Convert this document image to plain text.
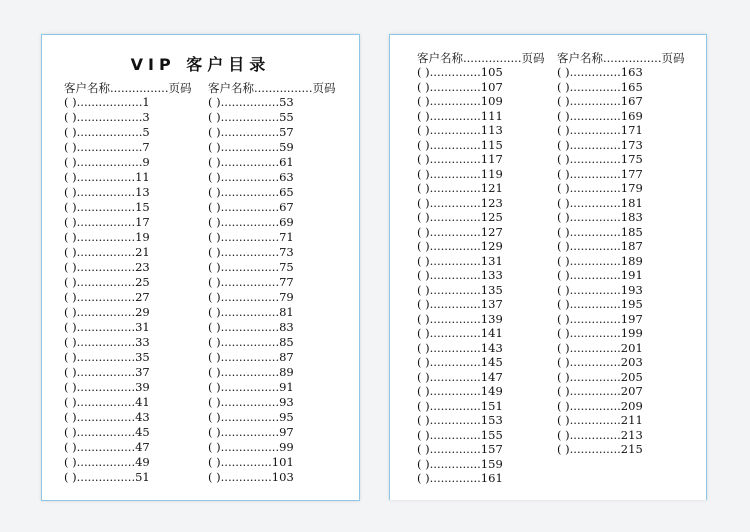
VIP 客户目录
客户名称................页码
( )..................1
( )..................3
( )..................5
( )..................7
( )..................9
( )................11
( )................13
( )................15
( )................17
( )................19
( )................21
( )................23
( )................25
( )................27
( )................29
( )................31
( )................33
( )................35
( )................37
( )................39
( )................41
( )................43
( )................45
( )................47
( )................49
( )................51
客户名称................页码
( )................53
( )................55
( )................57
( )................59
( )................61
( )................63
( )................65
( )................67
( )................69
( )................71
( )................73
( )................75
( )................77
( )................79
( )................81
( )................83
( )................85
( )................87
( )................89
( )................91
( )................93
( )................95
( )................97
( )................99
( )..............101
( )..............103
客户名称................页码
( )..............105
( )..............107
( )..............109
( )..............111
( )..............113
( )..............115
( )..............117
( )..............119
( )..............121
( )..............123
( )..............125
( )..............127
( )..............129
( )..............131
( )..............133
( )..............135
( )..............137
( )..............139
( )..............141
( )..............143
( )..............145
( )..............147
( )..............149
( )..............151
( )..............153
( )..............155
( )..............157
( )..............159
( )..............161
客户名称................页码
( )..............163
( )..............165
( )..............167
( )..............169
( )..............171
( )..............173
( )..............175
( )..............177
( )..............179
( )..............181
( )..............183
( )..............185
( )..............187
( )..............189
( )..............191
( )..............193
( )..............195
( )..............197
( )..............199
( )..............201
( )..............203
( )..............205
( )..............207
( )..............209
( )..............211
( )..............213
( )..............215
